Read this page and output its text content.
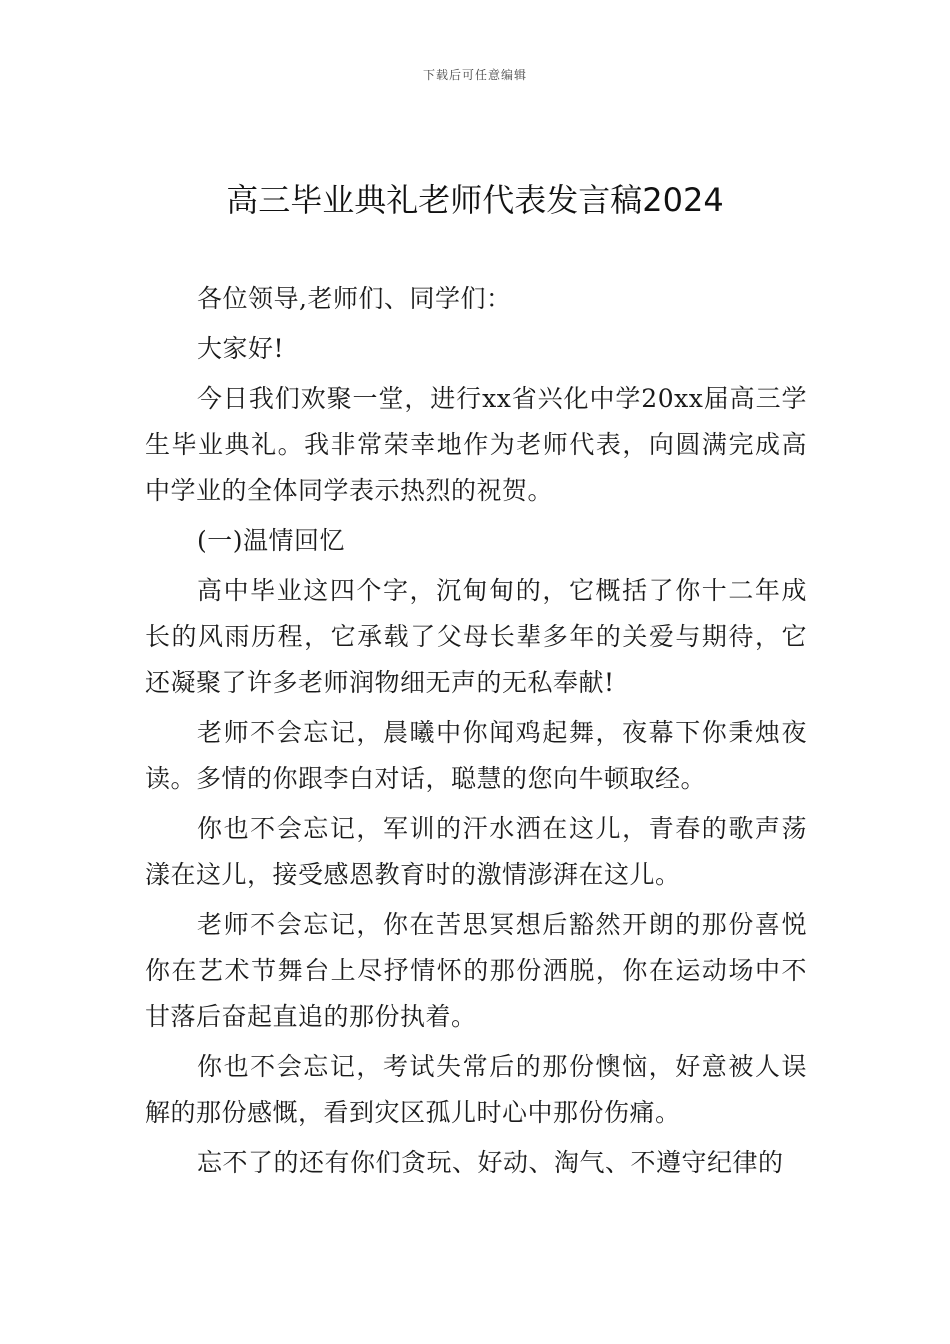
下载后可任意编辑
高三毕业典礼老师代表发言稿2024

各位领导,老师们、同学们：

大家好!

今日我们欢聚一堂，进行xx省兴化中学20xx届高三学生毕业典礼。我非常荣幸地作为老师代表，向圆满完成高中学业的全体同学表示热烈的祝贺。

(一)温情回忆

高中毕业这四个字，沉甸甸的，它概括了你十二年成长的风雨历程，它承载了父母长辈多年的关爱与期待，它还凝聚了许多老师润物细无声的无私奉献!

老师不会忘记，晨曦中你闻鸡起舞，夜幕下你秉烛夜读。多情的你跟李白对话，聪慧的您向牛顿取经。

你也不会忘记，军训的汗水洒在这儿，青春的歌声荡漾在这儿，接受感恩教育时的激情澎湃在这儿。

老师不会忘记，你在苦思冥想后豁然开朗的那份喜悦你在艺术节舞台上尽抒情怀的那份洒脱，你在运动场中不甘落后奋起直追的那份执着。

你也不会忘记，考试失常后的那份懊恼，好意被人误解的那份感慨，看到灾区孤儿时心中那份伤痛。

忘不了的还有你们贪玩、好动、淘气、不遵守纪律的
